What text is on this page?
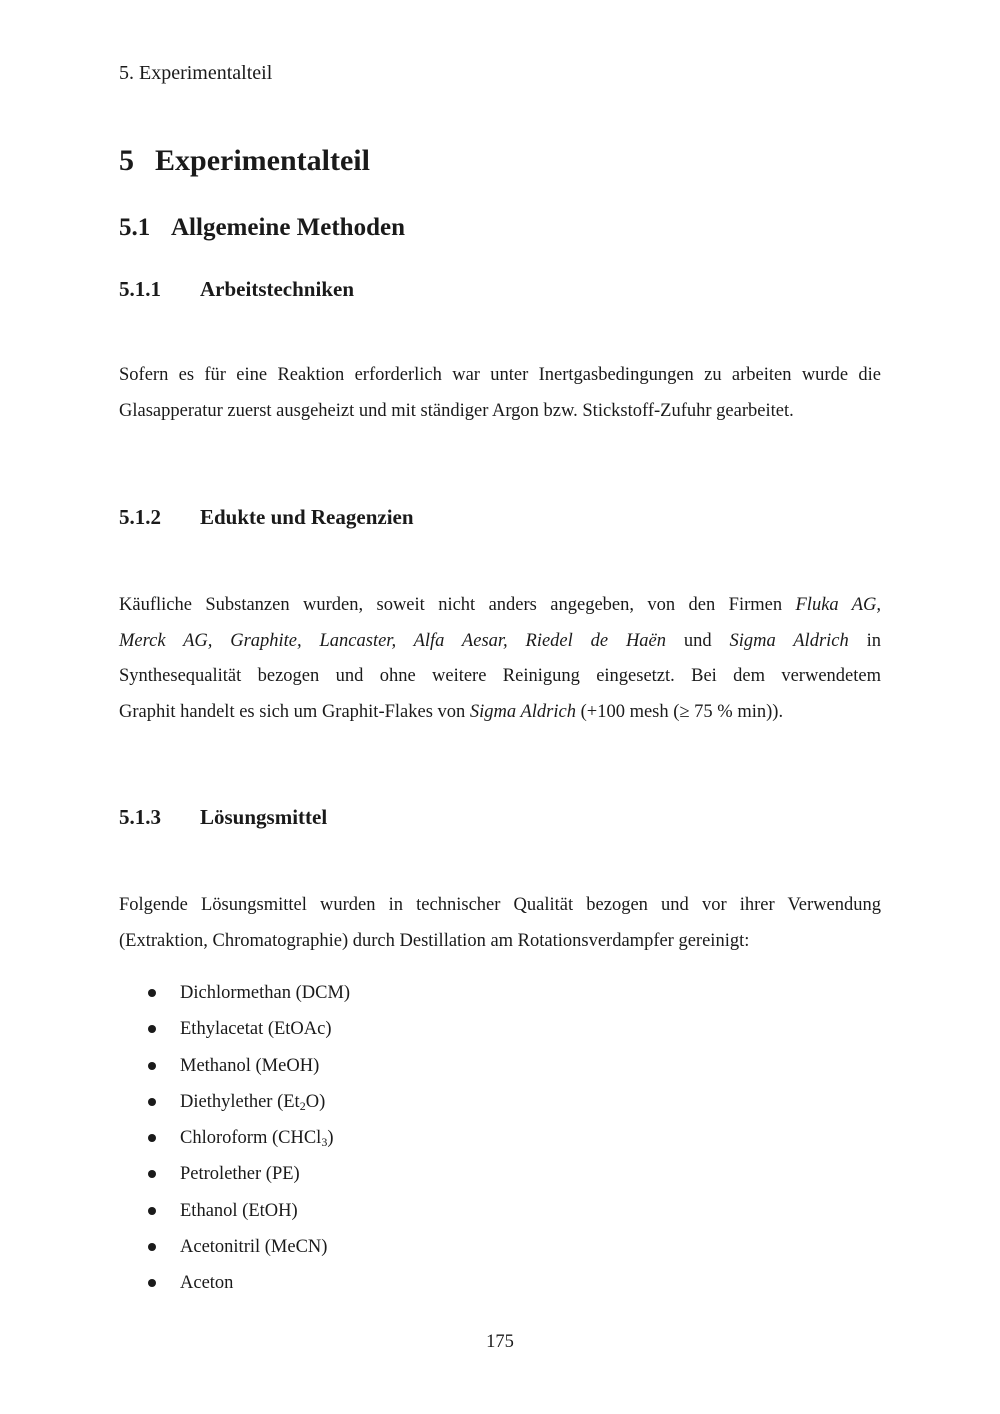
5. Experimentalteil
5 Experimentalteil
5.1 Allgemeine Methoden
5.1.1 Arbeitstechniken
Sofern es für eine Reaktion erforderlich war unter Inertgasbedingungen zu arbeiten wurde die
Glasapperatur zuerst ausgeheizt und mit ständiger Argon bzw. Stickstoff-Zufuhr gearbeitet.
5.1.2 Edukte und Reagenzien
Käufliche Substanzen wurden, soweit nicht anders angegeben, von den Firmen Fluka AG,
Merck AG, Graphite, Lancaster, Alfa Aesar, Riedel de Haën und Sigma Aldrich in
Synthesequalität bezogen und ohne weitere Reinigung eingesetzt. Bei dem verwendetem
Graphit handelt es sich um Graphit-Flakes von Sigma Aldrich (+100 mesh (≥ 75 % min)).
5.1.3 Lösungsmittel
Folgende Lösungsmittel wurden in technischer Qualität bezogen und vor ihrer Verwendung
(Extraktion, Chromatographie) durch Destillation am Rotationsverdampfer gereinigt:
Dichlormethan (DCM)
Ethylacetat (EtOAc)
Methanol (MeOH)
Diethylether $(Et_2O)$
Chloroform (CHCl$_3$)
Petrolether (PE)
Ethanol (EtOH)
Acetonitril (MeCN)
Aceton
175
